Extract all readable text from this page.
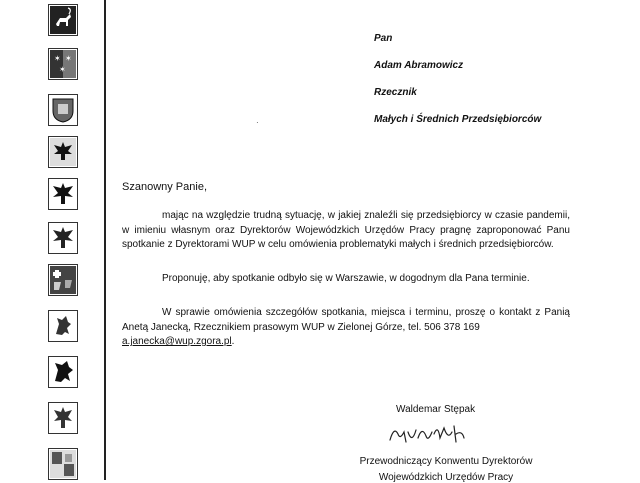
✶ ✶
✶
Pan
Adam Abramowicz
Rzecznik
Małych i Średnich Przedsiębiorców
·
Szanowny Panie,

mając na względzie trudną sytuację, w jakiej znaleźli się przedsiębiorcy w czasie pandemii, w imieniu własnym oraz Dyrektorów Wojewódzkich Urzędów Pracy pragnę zaproponować Panu spotkanie z Dyrektorami WUP w celu omówienia problematyki małych i średnich przedsiębiorców.

Proponuję, aby spotkanie odbyło się w Warszawie, w dogodnym dla Pana terminie.

W sprawie omówienia szczegółów spotkania, miejsca i terminu, proszę o kontakt z Panią Anetą Janecką, Rzecznikiem prasowym WUP w Zielonej Górze, tel. 506 378 169

a.janecka@wup.zgora.pl.
Waldemar Stępak
Przewodniczący Konwentu Dyrektorów
Wojewódzkich Urzędów Pracy
